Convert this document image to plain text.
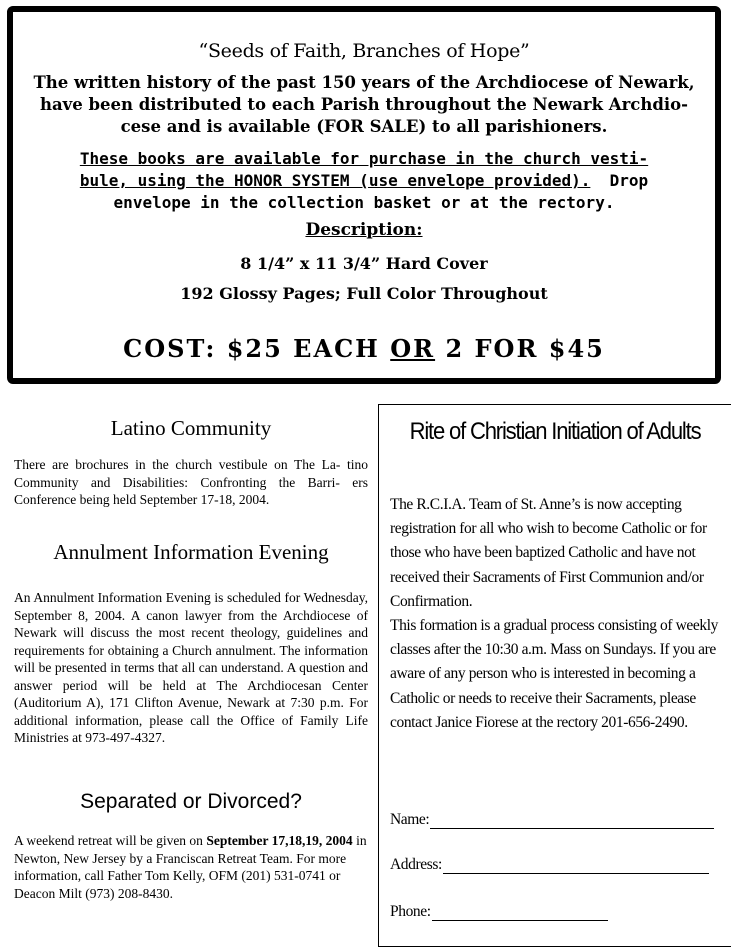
“Seeds of Faith, Branches of Hope”
The written history of the past 150 years of the Archdiocese of Newark,
have been distributed to each Parish throughout the Newark Archdio-
cese and is available (FOR SALE) to all parishioners.
These books are available for purchase in the church vesti-
bule, using the HONOR SYSTEM (use envelope provided). Drop
envelope in the collection basket or at the rectory.
Description:
8 1/4” x 11 3/4” Hard Cover
192 Glossy Pages; Full Color Throughout
COST: $25 EACH OR 2 FOR $45
Latino Community

There are brochures in the church vestibule on The La- tino Community and Disabilities: Confronting the Barri- ers Conference being held September 17-18, 2004.

Annulment Information Evening

An Annulment Information Evening is scheduled for Wednesday, September 8, 2004. A canon lawyer from the Archdiocese of Newark will discuss the most recent theology, guidelines and requirements for obtaining a Church annulment. The information will be presented in terms that all can understand. A question and answer period will be held at The Archdiocesan Center (Auditorium A), 171 Clifton Avenue, Newark at 7:30 p.m. For additional information, please call the Office of Family Life Ministries at 973-497-4327.

Separated or Divorced?

A weekend retreat will be given on September 17,18,19, 2004 in Newton, New Jersey by a Franciscan Retreat Team. For more information, call Father Tom Kelly, OFM (201) 531-0741 or Deacon Milt (973) 208-8430.

Rite of Christian Initiation of Adults
The R.C.I.A. Team of St. Anne’s is now accepting registration for all who wish to become Catholic or for those who have been baptized Catholic and have not received their Sacraments of First Communion and/or Confirmation.
This formation is a gradual process consisting of weekly classes after the 10:30 a.m. Mass on Sundays. If you are aware of any person who is interested in becoming a Catholic or needs to receive their Sacraments, please contact Janice Fiorese at the rectory 201-656-2490.
Name:
Address:
Phone:
